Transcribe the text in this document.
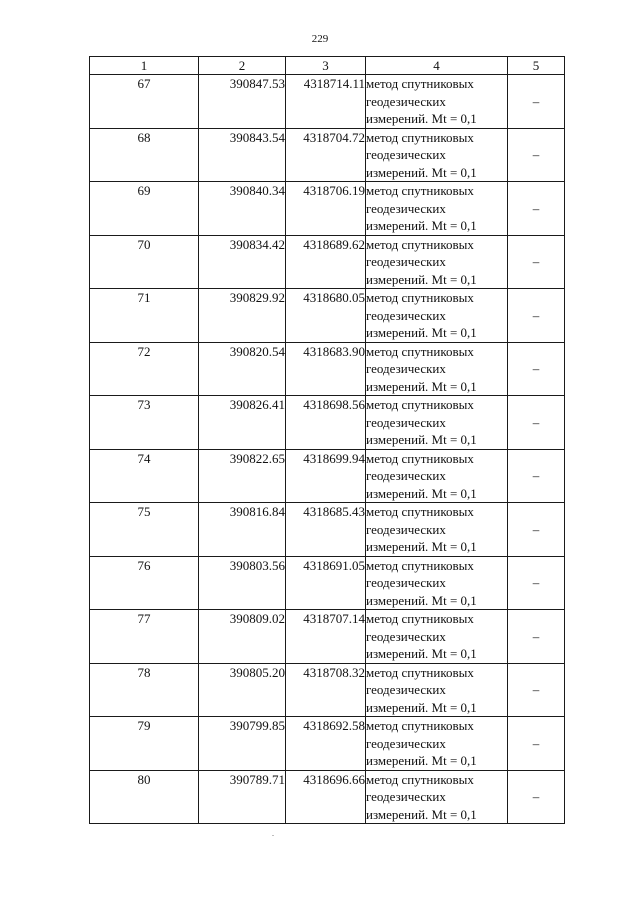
229
1	2	3	4	5
67	390847.53	4318714.11	метод спутниковых
геодезических
измерений. Mt = 0,1	–
68	390843.54	4318704.72	метод спутниковых
геодезических
измерений. Mt = 0,1	–
69	390840.34	4318706.19	метод спутниковых
геодезических
измерений. Mt = 0,1	–
70	390834.42	4318689.62	метод спутниковых
геодезических
измерений. Mt = 0,1	–
71	390829.92	4318680.05	метод спутниковых
геодезических
измерений. Mt = 0,1	–
72	390820.54	4318683.90	метод спутниковых
геодезических
измерений. Mt = 0,1	–
73	390826.41	4318698.56	метод спутниковых
геодезических
измерений. Mt = 0,1	–
74	390822.65	4318699.94	метод спутниковых
геодезических
измерений. Mt = 0,1	–
75	390816.84	4318685.43	метод спутниковых
геодезических
измерений. Mt = 0,1	–
76	390803.56	4318691.05	метод спутниковых
геодезических
измерений. Mt = 0,1	–
77	390809.02	4318707.14	метод спутниковых
геодезических
измерений. Mt = 0,1	–
78	390805.20	4318708.32	метод спутниковых
геодезических
измерений. Mt = 0,1	–
79	390799.85	4318692.58	метод спутниковых
геодезических
измерений. Mt = 0,1	–
80	390789.71	4318696.66	метод спутниковых
геодезических
измерений. Mt = 0,1	–
.
